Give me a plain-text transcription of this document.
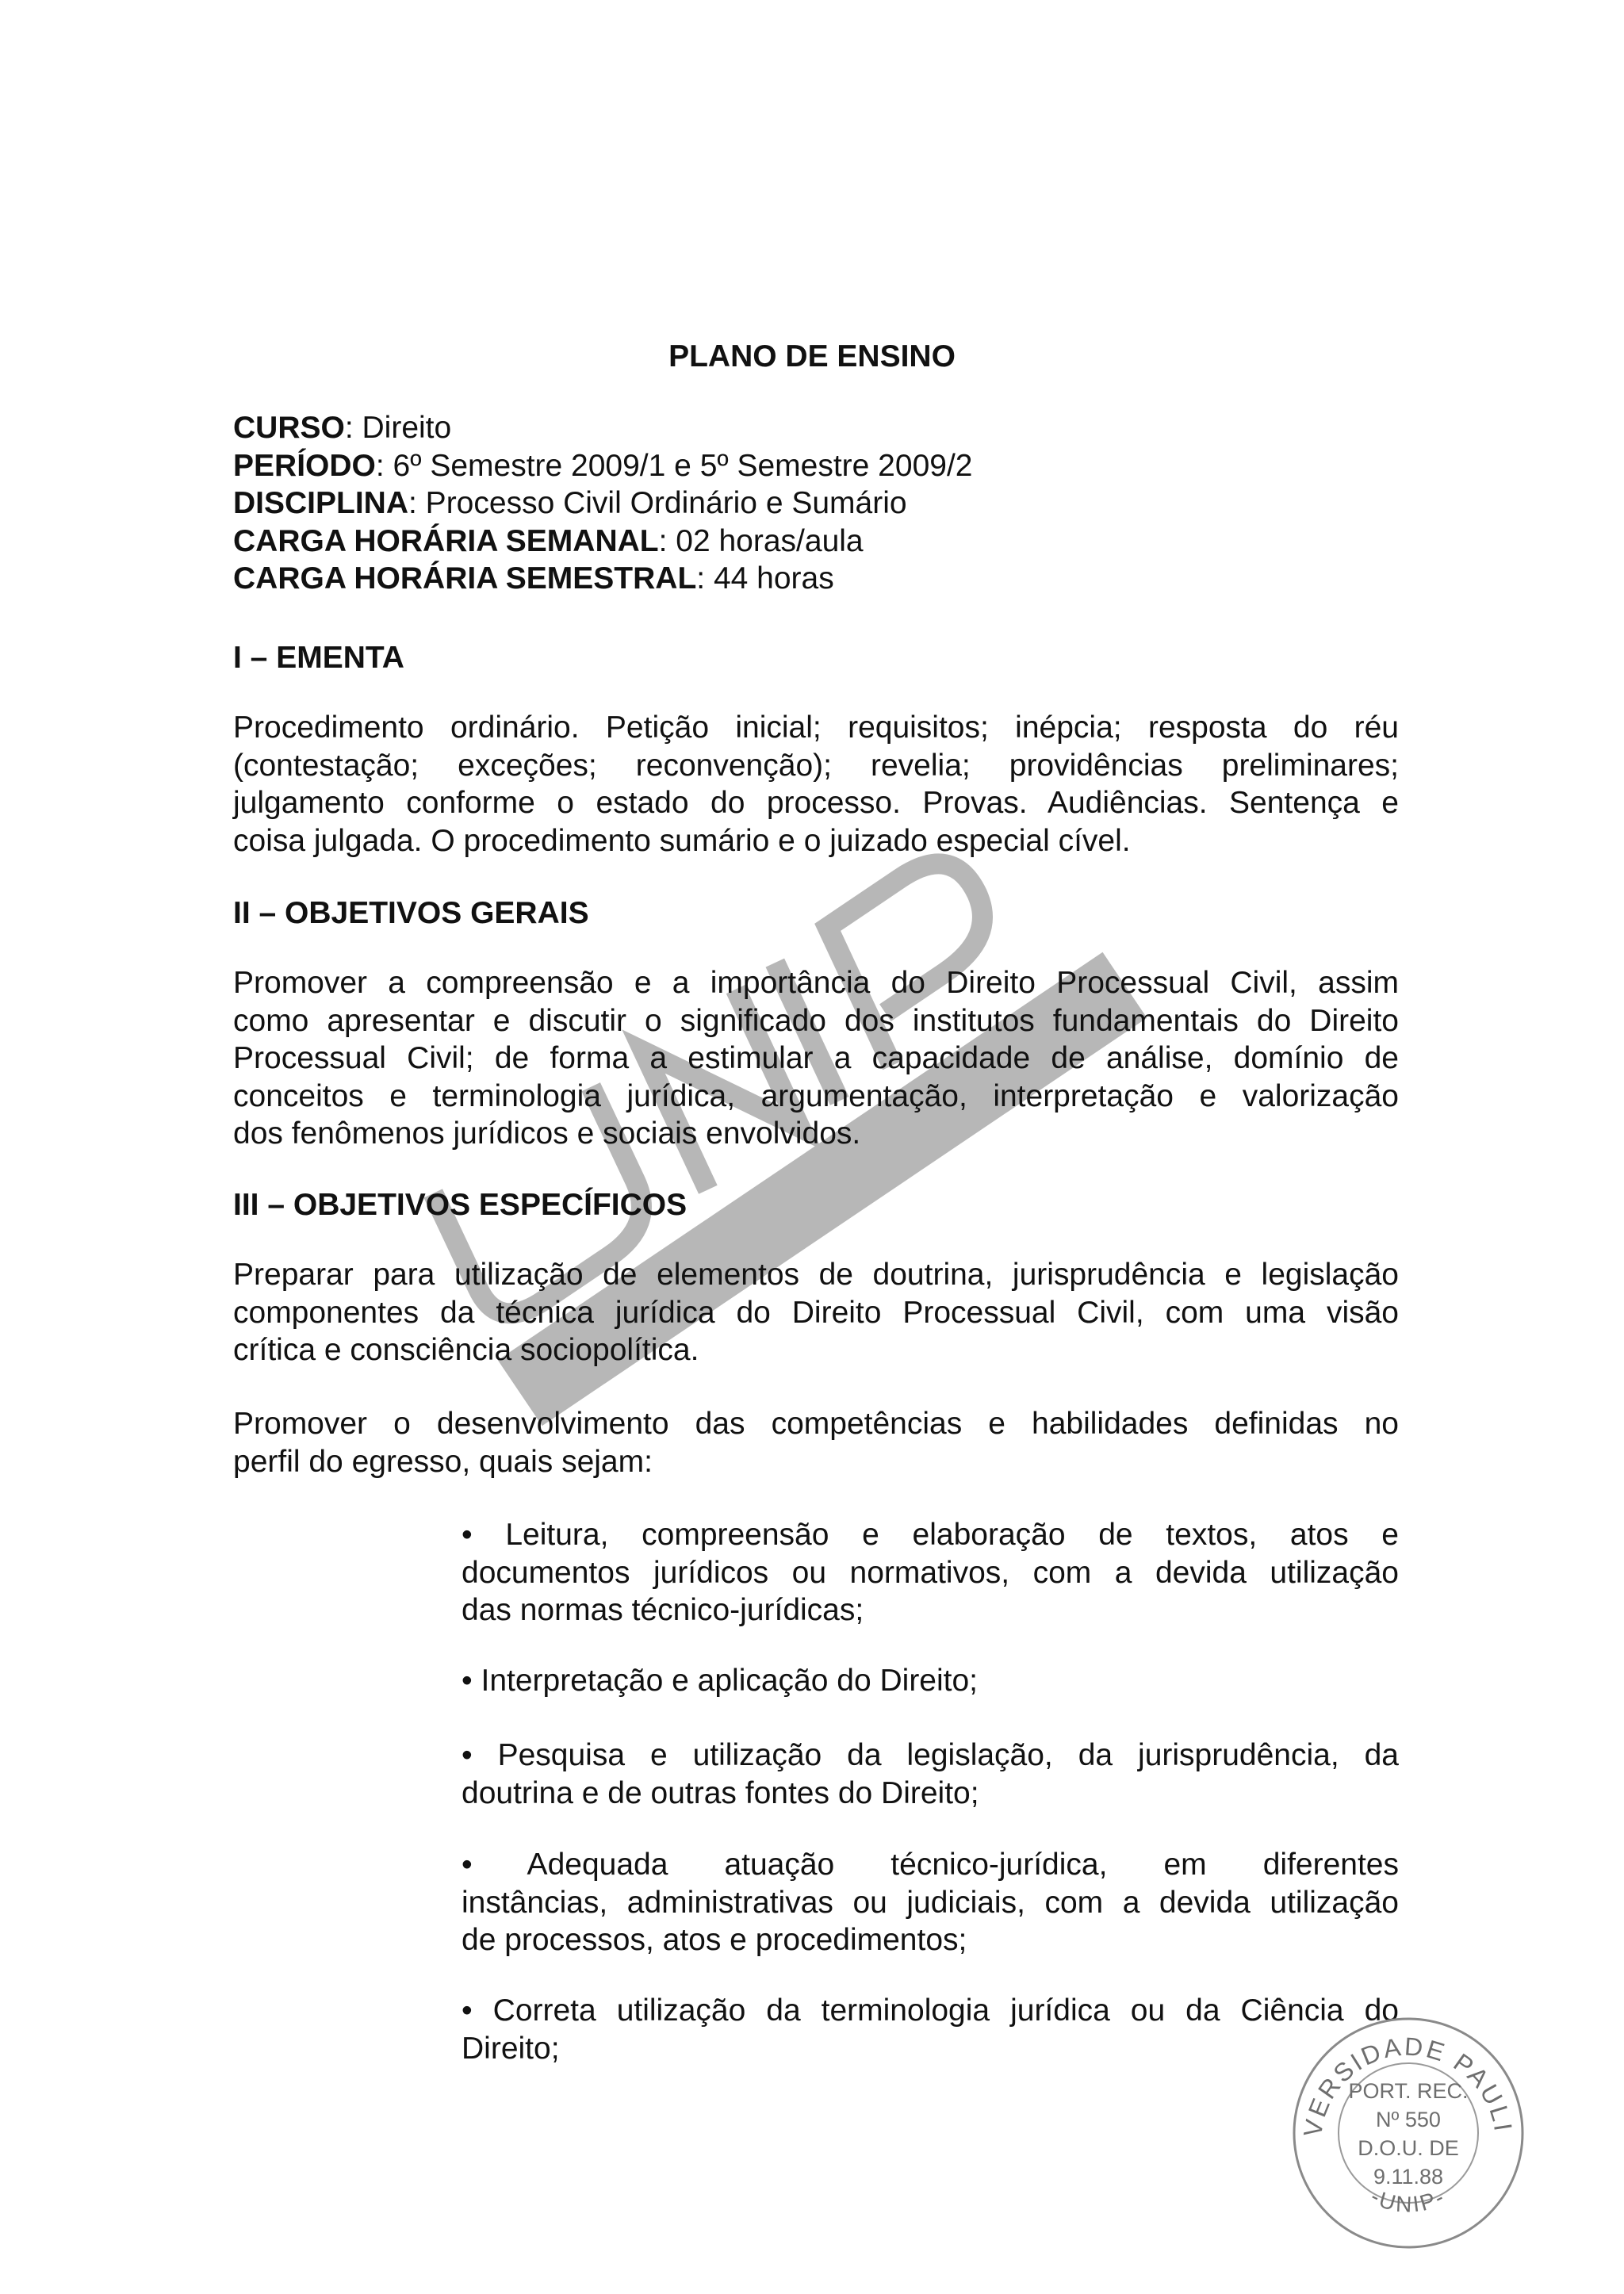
PLANO DE ENSINO
CURSO: Direito
PERÍODO: 6º Semestre 2009/1 e 5º Semestre 2009/2
DISCIPLINA: Processo Civil Ordinário e Sumário
CARGA HORÁRIA SEMANAL: 02 horas/aula
CARGA HORÁRIA SEMESTRAL: 44 horas
I – EMENTA
Procedimento ordinário. Petição inicial; requisitos; inépcia; resposta do réu
(contestação; exceções; reconvenção); revelia; providências preliminares;
julgamento conforme o estado do processo. Provas. Audiências. Sentença e
coisa julgada. O procedimento sumário e o juizado especial cível.
II – OBJETIVOS GERAIS
Promover a compreensão e a importância do Direito Processual Civil, assim
como apresentar e discutir o significado dos institutos fundamentais do Direito
Processual Civil; de forma a estimular a capacidade de análise, domínio de
conceitos e terminologia jurídica, argumentação, interpretação e valorização
dos fenômenos jurídicos e sociais envolvidos.
III – OBJETIVOS ESPECÍFICOS
Preparar para utilização de elementos de doutrina, jurisprudência e legislação
componentes da técnica jurídica do Direito Processual Civil, com uma visão
crítica e consciência sociopolítica.
Promover o desenvolvimento das competências e habilidades definidas no
perfil do egresso, quais sejam:
• Leitura, compreensão e elaboração de textos, atos e
documentos jurídicos ou normativos, com a devida utilização
das normas técnico-jurídicas;
• Interpretação e aplicação do Direito;
• Pesquisa e utilização da legislação, da jurisprudência, da
doutrina e de outras fontes do Direito;
• Adequada atuação técnico-jurídica, em diferentes
instâncias, administrativas ou judiciais, com a devida utilização
de processos, atos e procedimentos;
• Correta utilização da terminologia jurídica ou da Ciência do
Direito;
VERSIDADE PAULI
-UNIP-
PORT. REC.
Nº 550
D.O.U. DE
9.11.88
